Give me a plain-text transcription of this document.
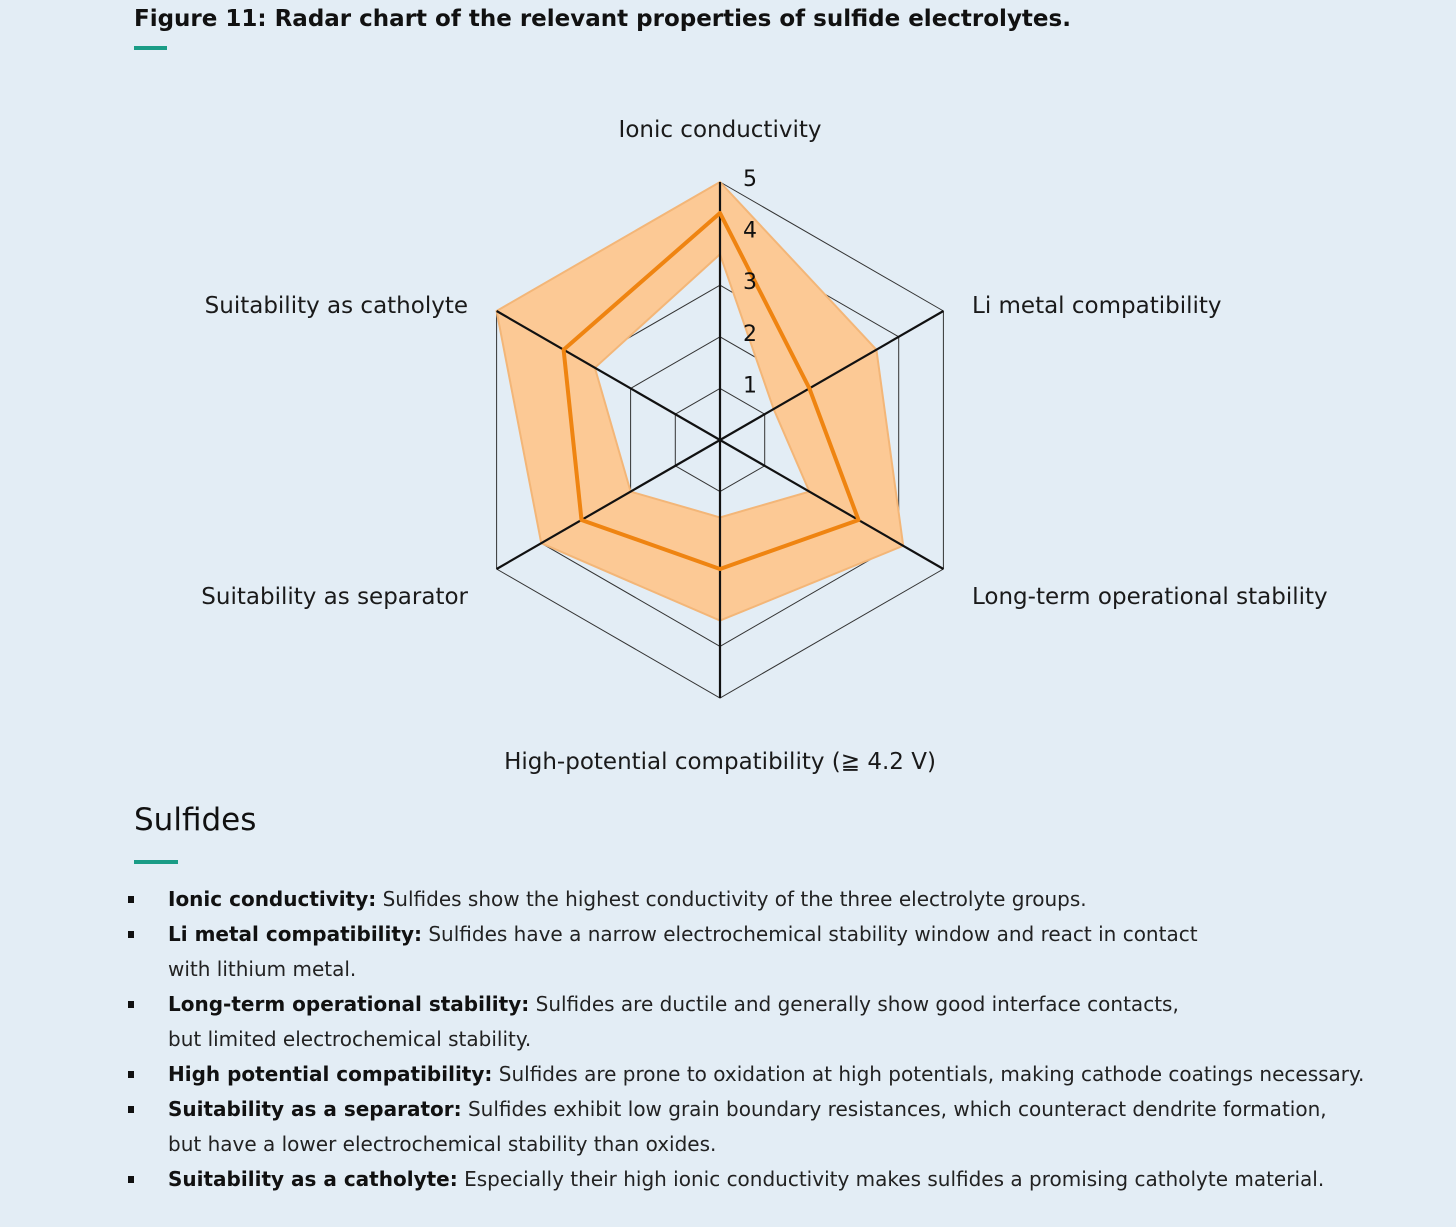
Figure 11: Radar chart of the relevant properties of sulfide electrolytes.
1
2
3
4
5
Ionic conductivity
Li metal compatibility
Long-term operational stability
High-potential compatibility (≧ 4.2 V)
Suitability as separator
Suitability as catholyte
Sulfides
Ionic conductivity: Sulfides show the highest conductivity of the three electrolyte groups.
Li metal compatibility: Sulfides have a narrow electrochemical stability window and react in contact
with lithium metal.
Long-term operational stability: Sulfides are ductile and generally show good interface contacts,
but limited electrochemical stability.
High potential compatibility: Sulfides are prone to oxidation at high potentials, making cathode coatings necessary.
Suitability as a separator: Sulfides exhibit low grain boundary resistances, which counteract dendrite formation,
but have a lower electrochemical stability than oxides.
Suitability as a catholyte: Especially their high ionic conductivity makes sulfides a promising catholyte material.
